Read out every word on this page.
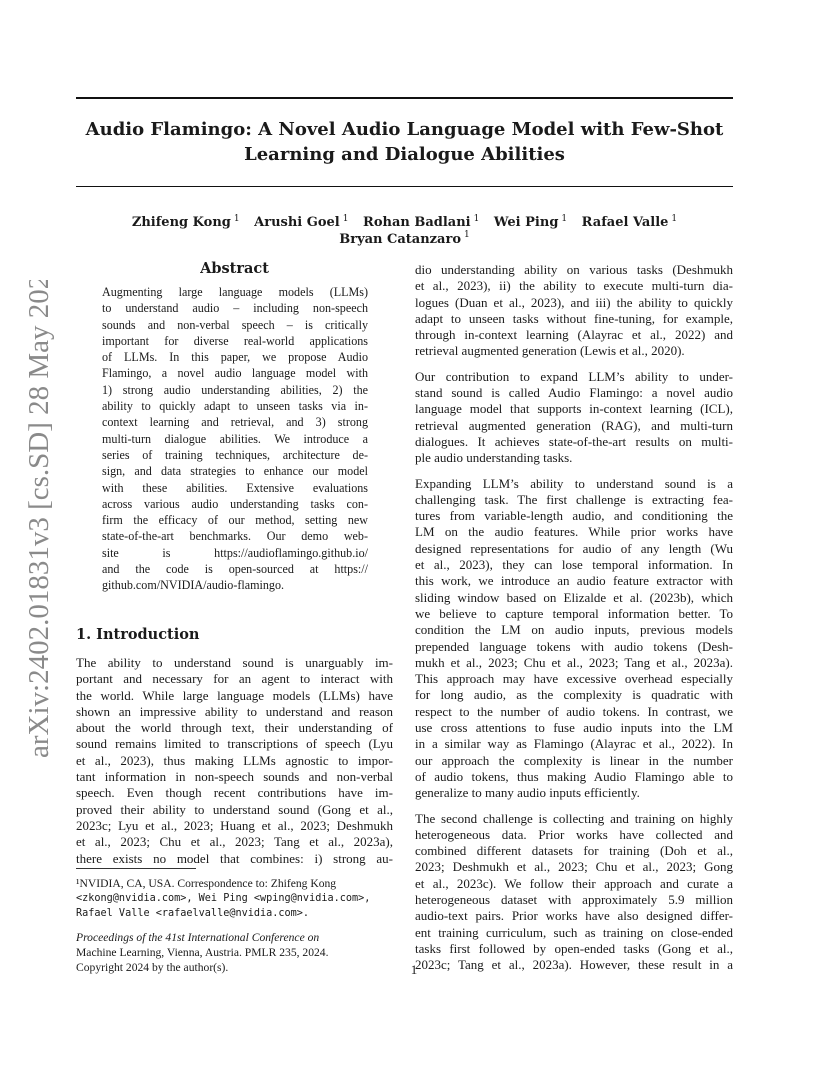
arXiv:2402.01831v3 [cs.SD] 28 May 2024
Audio Flamingo: A Novel Audio Language Model with Few-Shot
Learning and Dialogue Abilities
Zhifeng Kong $^1$ Arushi Goel $^1$ Rohan Badlani $^1$ Wei Ping $^1$ Rafael Valle $^1$ Bryan Catanzaro $^1$
Abstract
Augmenting large language models (LLMs)
to understand audio – including non-speech
sounds and non-verbal speech – is critically
important for diverse real-world applications
of LLMs. In this paper, we propose Audio
Flamingo, a novel audio language model with
1) strong audio understanding abilities, 2) the
ability to quickly adapt to unseen tasks via in-
context learning and retrieval, and 3) strong
multi-turn dialogue abilities. We introduce a
series of training techniques, architecture de-
sign, and data strategies to enhance our model
with these abilities. Extensive evaluations
across various audio understanding tasks con-
firm the efficacy of our method, setting new
state-of-the-art benchmarks. Our demo web-
site is https://audioflamingo.github.io/
and the code is open-sourced at https://
github.com/NVIDIA/audio-flamingo.
1. Introduction
The ability to understand sound is unarguably im-
portant and necessary for an agent to interact with
the world. While large language models (LLMs) have
shown an impressive ability to understand and reason
about the world through text, their understanding of
sound remains limited to transcriptions of speech (Lyu
et al., 2023), thus making LLMs agnostic to impor-
tant information in non-speech sounds and non-verbal
speech. Even though recent contributions have im-
proved their ability to understand sound (Gong et al.,
2023c; Lyu et al., 2023; Huang et al., 2023; Deshmukh
et al., 2023; Chu et al., 2023; Tang et al., 2023a),
there exists no model that combines: i) strong au-
¹NVIDIA, CA, USA. Correspondence to: Zhifeng Kong
<zkong@nvidia.com>, Wei Ping <wping@nvidia.com>,
Rafael Valle <rafaelvalle@nvidia.com>.
Proceedings of the 41st International Conference on
Machine Learning, Vienna, Austria. PMLR 235, 2024.
Copyright 2024 by the author(s).
dio understanding ability on various tasks (Deshmukh
et al., 2023), ii) the ability to execute multi-turn dia-
logues (Duan et al., 2023), and iii) the ability to quickly
adapt to unseen tasks without fine-tuning, for example,
through in-context learning (Alayrac et al., 2022) and
retrieval augmented generation (Lewis et al., 2020).
Our contribution to expand LLM’s ability to under-
stand sound is called Audio Flamingo: a novel audio
language model that supports in-context learning (ICL),
retrieval augmented generation (RAG), and multi-turn
dialogues. It achieves state-of-the-art results on multi-
ple audio understanding tasks.
Expanding LLM’s ability to understand sound is a
challenging task. The first challenge is extracting fea-
tures from variable-length audio, and conditioning the
LM on the audio features. While prior works have
designed representations for audio of any length (Wu
et al., 2023), they can lose temporal information. In
this work, we introduce an audio feature extractor with
sliding window based on Elizalde et al. (2023b), which
we believe to capture temporal information better. To
condition the LM on audio inputs, previous models
prepended language tokens with audio tokens (Desh-
mukh et al., 2023; Chu et al., 2023; Tang et al., 2023a).
This approach may have excessive overhead especially
for long audio, as the complexity is quadratic with
respect to the number of audio tokens. In contrast, we
use cross attentions to fuse audio inputs into the LM
in a similar way as Flamingo (Alayrac et al., 2022). In
our approach the complexity is linear in the number
of audio tokens, thus making Audio Flamingo able to
generalize to many audio inputs efficiently.
The second challenge is collecting and training on highly
heterogeneous data. Prior works have collected and
combined different datasets for training (Doh et al.,
2023; Deshmukh et al., 2023; Chu et al., 2023; Gong
et al., 2023c). We follow their approach and curate a
heterogeneous dataset with approximately 5.9 million
audio-text pairs. Prior works have also designed differ-
ent training curriculum, such as training on close-ended
tasks first followed by open-ended tasks (Gong et al.,
2023c; Tang et al., 2023a). However, these result in a
1
